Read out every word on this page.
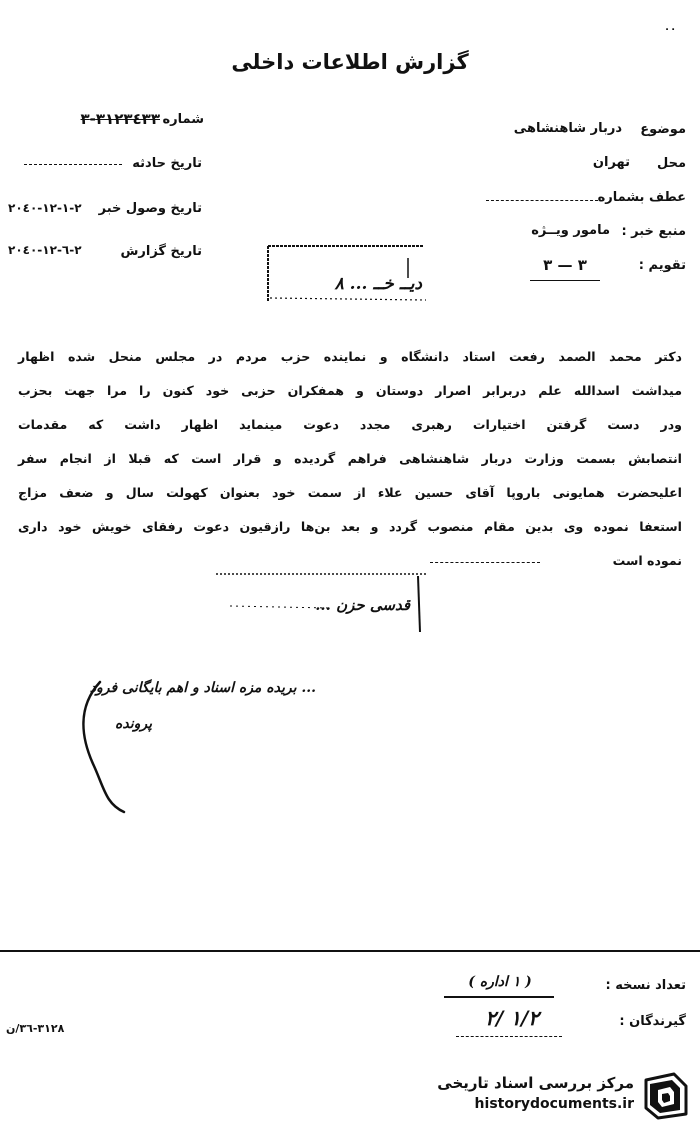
٠٠
گزارش اطلاعات داخلی
شماره
٣١٢٣٤٣٣-٣
تاریخ حادثه
تاریخ وصول خبر
٢-١-١٢-٢٠٤٠
تاریخ گزارش
٢-٦-١٢-٢٠٤٠
موضوع
دربار شاهنشاهی
محل
تهران
عطف بشماره
منبع خبر :
مامور ویــژه
تقویم :
٣ — ٣
دیــ خــ ... ۸
دکتر محمد الصمد رفعت استاد دانشگاه و نماینده حزب مردم در مجلس منحل شده اظهار
میداشت اسدالله علم دربرابر اصرار دوستان و همفکران حزبی خود کنون را مرا جهت بحزب
ودر دست گرفتن اختیارات رهبری مجدد دعوت مینماید اظهار داشت که مقدمات
انتصابش بسمت وزارت دربار شاهنشاهی فراهم گردیده و قرار است که قبلا از انجام سفر
اعلیحضرت همایونی باروپا آقای حسین علاء از سمت خود بعنوان کهولت سال و ضعف مزاج
استعفا نموده وی بدین مقام منصوب گردد و بعد بن‌ها رازقیون دعوت رفقای خویش خود داری
نموده است
قدسی حزن ...
... بریده مزه اسناد و اهم بایگانی فرود
پرونده
تعداد نسخه :
( ۱ اداره )
گیرندگان :
۲/ ۱/۲
٣١٢٨-٣٦/ن
مرکز بررسی اسناد تاریخی
historydocuments.ir
